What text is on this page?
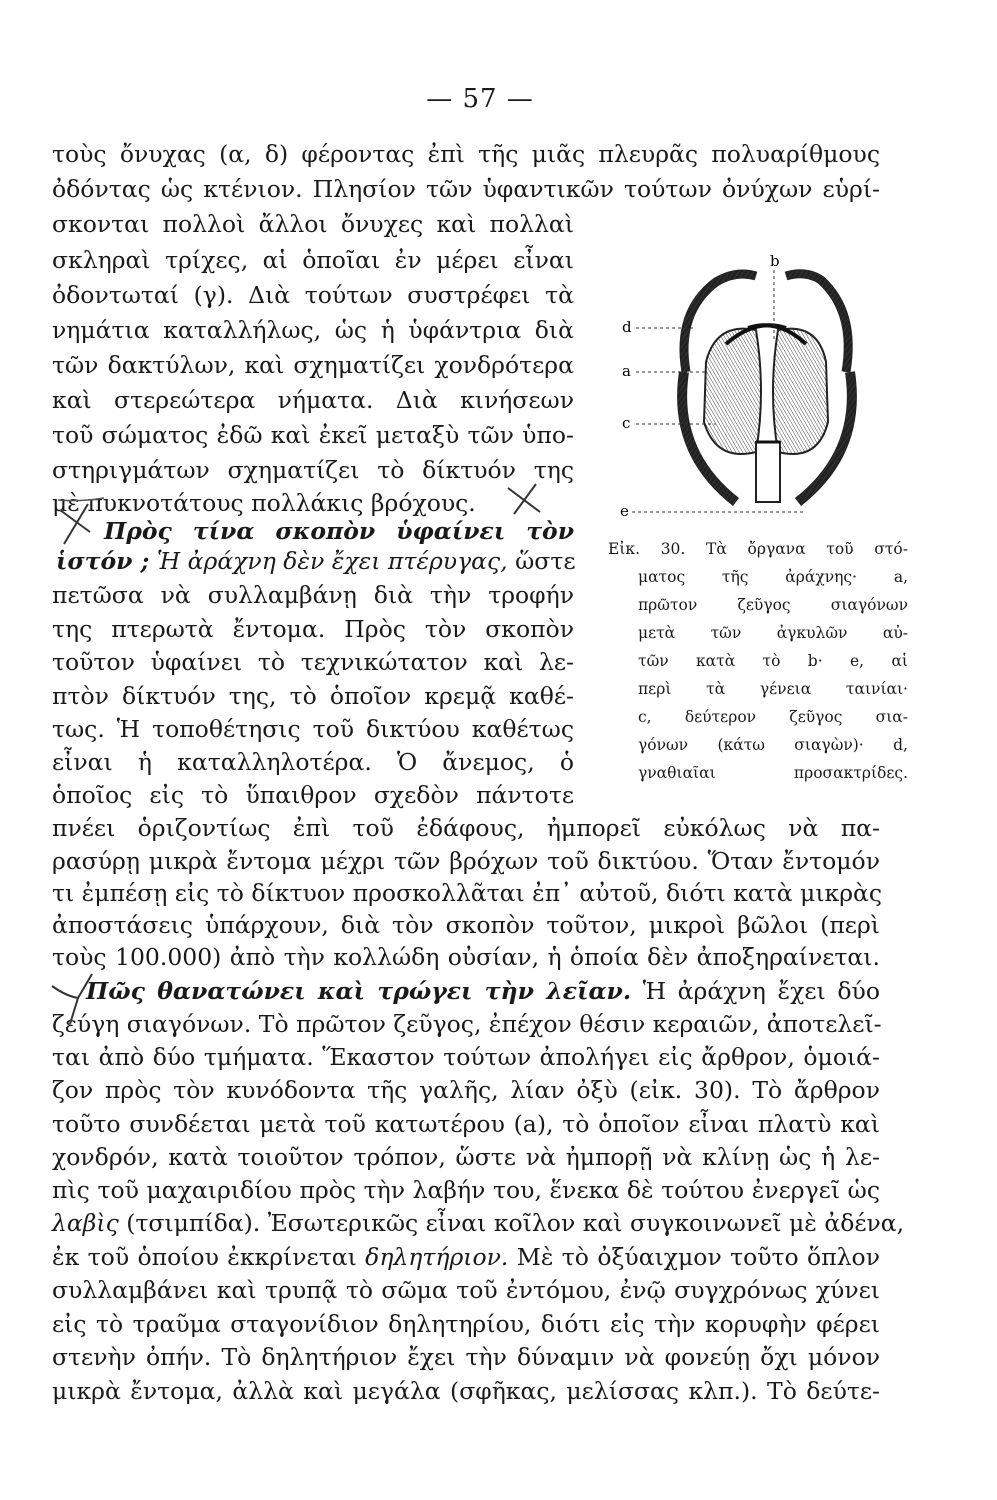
— 57 —
τοὺς ὄνυχας (α, δ) φέροντας ἐπὶ τῆς μιᾶς πλευρᾶς πολυαρίθμους
ὀδόντας ὡς κτένιον. Πλησίον τῶν ὑφαντικῶν τούτων ὀνύχων εὑρί-
σκονται πολλοὶ ἄλλοι ὄνυχες καὶ πολλαὶ
σκληραὶ τρίχες, αἱ ὁποῖαι ἐν μέρει εἶναι
ὀδοντωταί (γ). Διὰ τούτων συστρέφει τὰ
νημάτια καταλλήλως, ὡς ἡ ὑφάντρια διὰ
τῶν δακτύλων, καὶ σχηματίζει χονδρότερα
καὶ στερεώτερα νήματα. Διὰ κινήσεων
τοῦ σώματος ἐδῶ καὶ ἐκεῖ μεταξὺ τῶν ὑπο-
στηριγμάτων σχηματίζει τὸ δίκτυόν της
μὲ πυκνοτάτους πολλάκις βρόχους.
Πρὸς τίνα σκοπὸν ὑφαίνει τὸν
ἱστόν ; Ἡ ἀράχνη δὲν ἔχει πτέρυγας, ὥστε
πετῶσα νὰ συλλαμβάνῃ διὰ τὴν τροφήν
της πτερωτὰ ἔντομα. Πρὸς τὸν σκοπὸν
τοῦτον ὑφαίνει τὸ τεχνικώτατον καὶ λε-
πτὸν δίκτυόν της, τὸ ὁποῖον κρεμᾷ καθέ-
τως. Ἡ τοποθέτησις τοῦ δικτύου καθέτως
εἶναι ἡ καταλληλοτέρα. Ὁ ἄνεμος, ὁ
ὁποῖος εἰς τὸ ὕπαιθρον σχεδὸν πάντοτε
πνέει ὁριζοντίως ἐπὶ τοῦ ἐδάφους, ἠμπορεῖ εὐκόλως νὰ πα-
ρασύρῃ μικρὰ ἔντομα μέχρι τῶν βρόχων τοῦ δικτύου. Ὅταν ἔντομόν
τι ἐμπέσῃ εἰς τὸ δίκτυον προσκολλᾶται ἐπ᾽ αὐτοῦ, διότι κατὰ μικρὰς
ἀποστάσεις ὑπάρχουν, διὰ τὸν σκοπὸν τοῦτον, μικροὶ βῶλοι (περὶ
τοὺς 100.000) ἀπὸ τὴν κολλώδη οὐσίαν, ἡ ὁποία δὲν ἀποξηραίνεται.
Πῶς θανατώνει καὶ τρώγει τὴν λεῖαν. Ἡ ἀράχνη ἔχει δύο
ζεύγη σιαγόνων. Τὸ πρῶτον ζεῦγος, ἐπέχον θέσιν κεραιῶν, ἀποτελεῖ-
ται ἀπὸ δύο τμήματα. Ἕκαστον τούτων ἀπολήγει εἰς ἄρθρον, ὁμοιά-
ζον πρὸς τὸν κυνόδοντα τῆς γαλῆς, λίαν ὀξὺ (εἰκ. 30). Τὸ ἄρθρον
τοῦτο συνδέεται μετὰ τοῦ κατωτέρου (a), τὸ ὁποῖον εἶναι πλατὺ καὶ
χονδρόν, κατὰ τοιοῦτον τρόπον, ὥστε νὰ ἠμπορῇ νὰ κλίνῃ ὡς ἡ λε-
πὶς τοῦ μαχαιριδίου πρὸς τὴν λαβήν του, ἕνεκα δὲ τούτου ἐνεργεῖ ὡς
λαβὶς (τσιμπίδα). Ἐσωτερικῶς εἶναι κοῖλον καὶ συγκοινωνεῖ μὲ ἀδένα,
ἐκ τοῦ ὁποίου ἐκκρίνεται δηλητήριον. Μὲ τὸ ὀξύαιχμον τοῦτο ὅπλον
συλλαμβάνει καὶ τρυπᾷ τὸ σῶμα τοῦ ἐντόμου, ἐνῷ συγχρόνως χύνει
εἰς τὸ τραῦμα σταγονίδιον δηλητηρίου, διότι εἰς τὴν κορυφὴν φέρει
στενὴν ὀπήν. Τὸ δηλητήριον ἔχει τὴν δύναμιν νὰ φονεύῃ ὄχι μόνον
μικρὰ ἔντομα, ἀλλὰ καὶ μεγάλα (σφῆκας, μελίσσας κλπ.). Τὸ δεύτε-
b
d
a
c
e
Εἰκ. 30. Τὰ ὄργανα τοῦ στό-
ματος τῆς ἀράχνης· a,
πρῶτον ζεῦγος σιαγόνων
μετὰ τῶν ἀγκυλῶν αὐ-
τῶν κατὰ τὸ b· e, αἱ
περὶ τὰ γένεια ταινίαι·
c, δεύτερον ζεῦγος σια-
γόνων (κάτω σιαγὼν)· d,
γναθιαῖαι προσακτρίδες.
